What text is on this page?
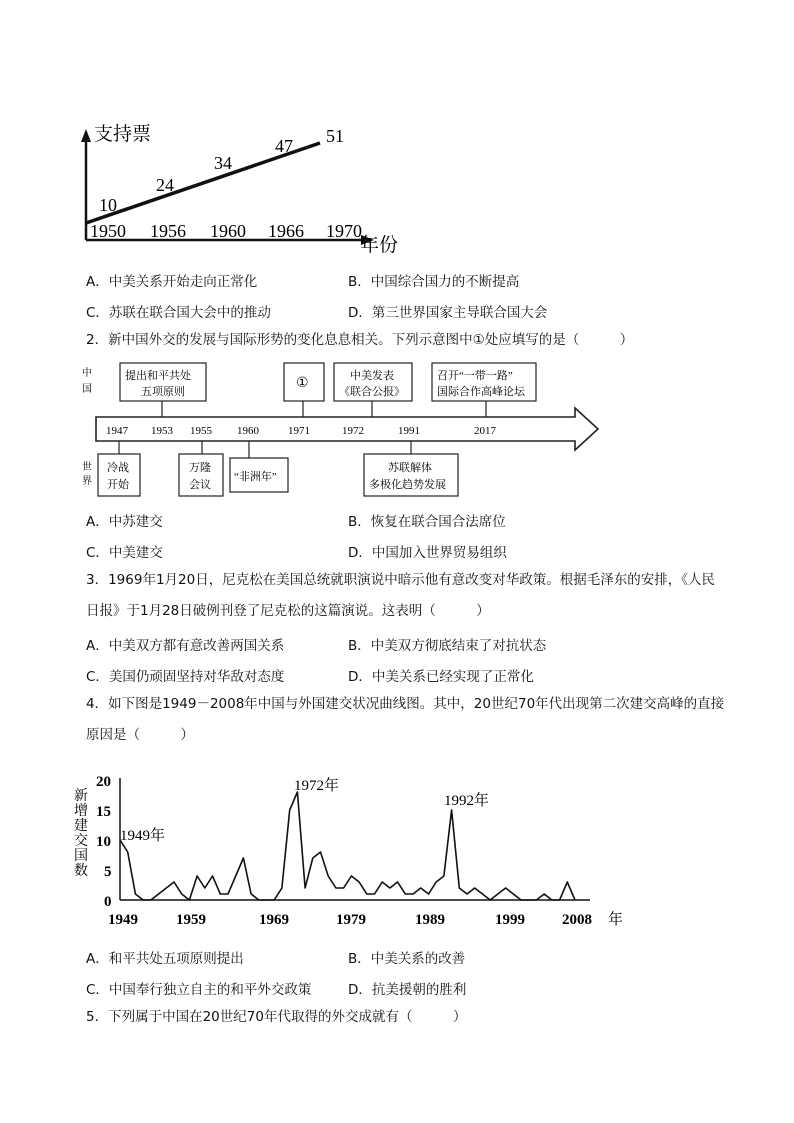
支持票
年份
10
24
34
47 51
1950 1956 1960 1966 1970
A．中美关系开始走向正常化	B．中国综合国力的不断提高
C．苏联在联合国大会中的推动	D．第三世界国家主导联合国大会
2．新中国外交的发展与国际形势的变化息息相关。下列示意图中①处应填写的是（　　　）
中
国
世
界
1947 1953 1955 1960	1971	1972	1991	2017
提出和平共处
五项原则
①	中美发表
《联合公报》
召开“一带一路”
国际合作高峰论坛
冷战
开始
万隆
会议
“非洲年”
苏联解体
多极化趋势发展
A．中苏建交	B．恢复在联合国合法席位
C．中美建交	D．中国加入世界贸易组织
3．1969年1月20日，尼克松在美国总统就职演说中暗示他有意改变对华政策。根据毛泽东的安排，《人民日报》于1月28日破例刊登了尼克松的这篇演说。这表明（　　　）
A．中美双方都有意改善两国关系	B．中美双方彻底结束了对抗状态
C．美国仍顽固坚持对华敌对态度	D．中美关系已经实现了正常化
4．如下图是1949－2008年中国与外国建交状况曲线图。其中，20世纪70年代出现第二次建交高峰的直接原因是（　　　）
新
增
建
交
国
数
0
5
10
15
20
1949	1959	1969	1979	1989	1999 2008 年
1949年
1972年
1992年
A．和平共处五项原则提出	B．中美关系的改善
C．中国奉行独立自主的和平外交政策	D．抗美援朝的胜利
5．下列属于中国在20世纪70年代取得的外交成就有（　　　）
